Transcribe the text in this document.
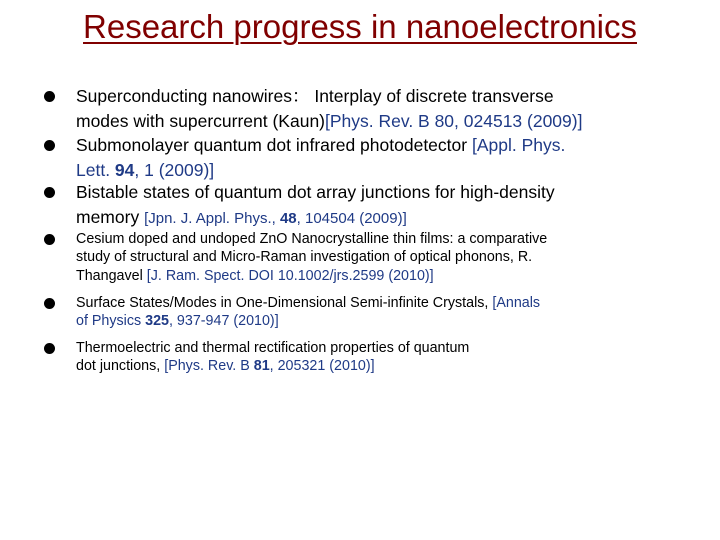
Research progress in nanoelectronics
Superconducting nanowires： Interplay of discrete transverse
modes with supercurrent (Kaun)[Phys. Rev. B 80, 024513 (2009)]
Submonolayer quantum dot infrared photodetector [Appl. Phys.
Lett. 94, 1 (2009)]
Bistable states of quantum dot array junctions for high-density
memory [Jpn. J. Appl. Phys., 48, 104504 (2009)]
Cesium doped and undoped ZnO Nanocrystalline thin films: a comparative
study of structural and Micro-Raman investigation of optical phonons, R.
Thangavel [J. Ram. Spect. DOI 10.1002/jrs.2599 (2010)]
Surface States/Modes in One-Dimensional Semi-infinite Crystals, [Annals
of Physics 325, 937-947 (2010)]
Thermoelectric and thermal rectification properties of quantum
dot junctions, [Phys. Rev. B 81, 205321 (2010)]
